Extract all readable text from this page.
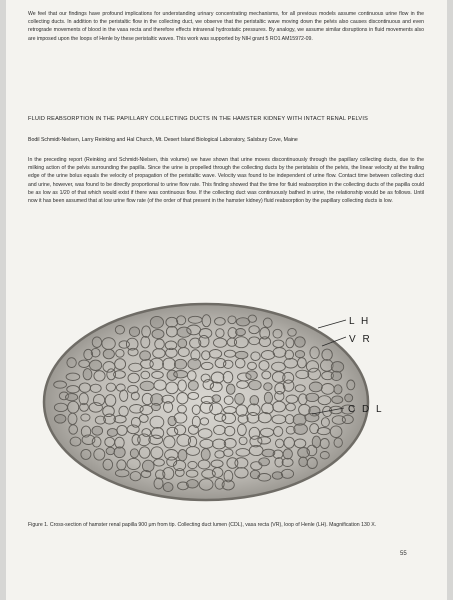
We feel that our findings have profound implications for understanding urinary concentrating mechanisms, for all previous models assume continuous urine flow in the collecting ducts. In addition to the peristaltic flow in the collecting duct, we observe that the peristaltic wave moving down the pelvis also causes discontinuous and even retrograde movements of blood in the vasa recta and therefore effects intrarenal hydrostatic pressures. By analogy, we assume similar disruptions in fluid movements also are imposed upon the loops of Henle by these peristaltic waves. This work was supported by NIH grant 5 RO1 AM15972-09.
FLUID REABSORPTION IN THE PAPILLARY COLLECTING DUCTS IN THE HAMSTER KIDNEY WITH INTACT RENAL PELVIS
Bodil Schmidt-Nielsen, Larry Reinking and Hal Church, Mt. Desert Island Biological Laboratory, Salsbury Cove, Maine
In the preceding report (Reinking and Schmidt-Nielsen, this volume) we have shown that urine moves discontinuously through the papillary collecting ducts, due to the milking action of the pelvis surrounding the papilla. Since the urine is propelled through the collecting ducts by the peristalsis of the pelvis, the linear velocity at the trailing edge of the urine bolus equals the velocity of propagation of the peristaltic wave. Velocity was found to be independent of urine flow. Contact time between collecting duct and urine, however, was found to be directly proportional to urine flow rate. This finding showed that the time for fluid reabsorption in the collecting ducts of the papilla could be as low as 1/20 of that which would exist if there was continuous flow. If the collecting duct was continuously bathed in urine, the relationship would be as follows. Until now it has been assumed that at low urine flow rate (of the order of that present in the hamster kidney) fluid reabsorption by the papillary collecting ducts is low.
L H
V R
C D L
Figure 1. Cross-section of hamster renal papilla 900 μm from tip. Collecting duct lumen (CDL), vasa recta (VR), loop of Henle (LH). Magnification 130 X.
55
